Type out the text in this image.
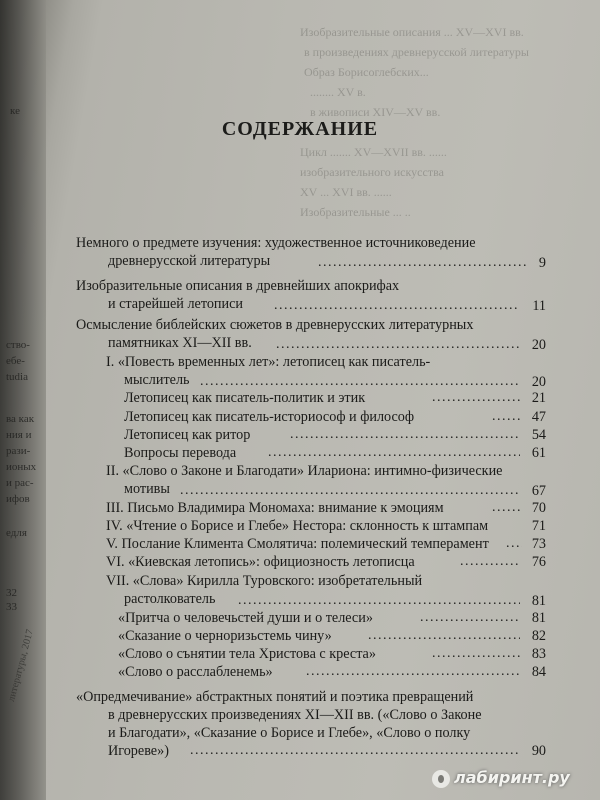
ке
ство-
ебе-
tudia
ва как
ния и
рази-
ионых
и рас-
ифов
едля
32
33
Изобразительные описания ... XV—XVI вв.
в произведениях древнерусской литературы
Образ Борисоглебских...
........ XV в.
в живописи XIV—XV вв.
Цикл ....... XV—XVII вв. ......
изобразительного искусства
XV ... XVI вв. ......
Изобразительные ... ..
литературы, 2017
СОДЕРЖАНИЕ
Немного о предмете изучения: художественное источниковедение
древнерусской литературы . . .	9
Изобразительные описания в древнейших апокрифах
и старейшей летописи . . .	11
Осмысление библейских сюжетов в древнерусских литературных
памятниках XI—XII вв. . . .	20
I. «Повесть временных лет»: летописец как писатель-
мыслитель . . .	20
Летописец как писатель-политик и этик . . .	21
Летописец как писатель-историософ и философ . . .	47
Летописец как ритор . . .	54
Вопросы перевода . . .	61
II. «Слово о Законе и Благодати» Илариона: интимно-физические
мотивы . . .	67
III. Письмо Владимира Мономаха: внимание к эмоциям . . .	70
IV. «Чтение о Борисе и Глебе» Нестора: склонность к штампам	71
V. Послание Климента Смолятича: полемический темперамент . . .	73
VI. «Киевская летопись»: официозность летописца . . .	76
VII. «Слова» Кирилла Туровского: изобретательный
растолкователь . . .	81
«Притча о человечьстей души и о телеси» . . .	81
«Сказание о черноризьстемь чину» . . .	82
«Слово о сънятии тела Христова с креста» . . .	83
«Слово о расслабленемь» . . .	84
«Опредмечивание» абстрактных понятий и поэтика превращений
в древнерусских произведениях XI—XII вв. («Слово о Законе
и Благодати», «Сказание о Борисе и Глебе», «Слово о полку
Игореве») . . .	90
лабиринт.ру
